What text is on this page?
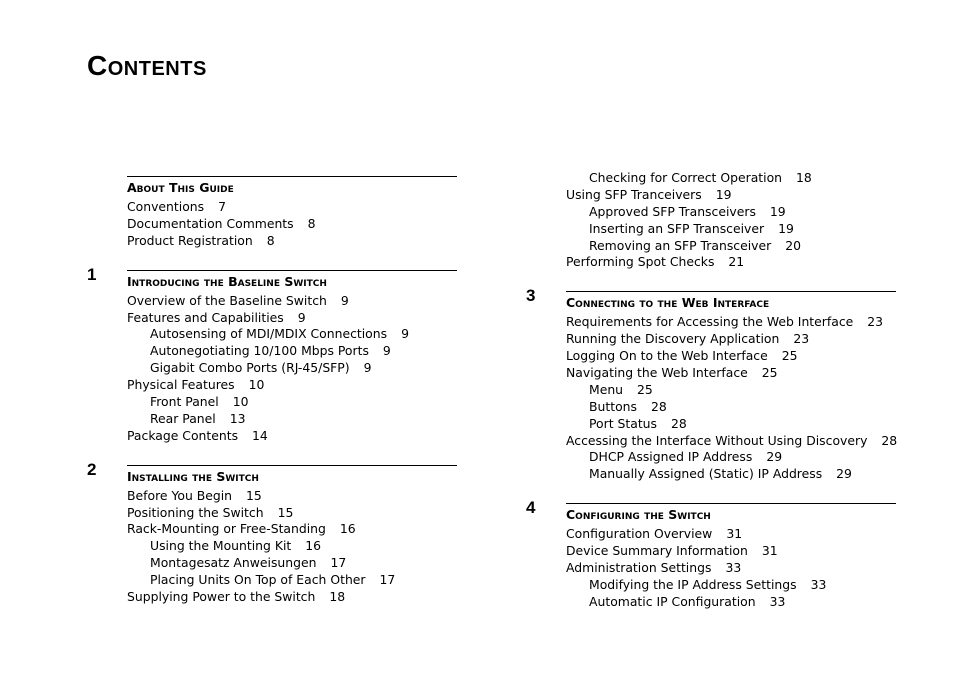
Contents
About This Guide
Conventions 7
Documentation Comments 8
Product Registration 8
1 Introducing the Baseline Switch
Overview of the Baseline Switch 9
Features and Capabilities 9
Autosensing of MDI/MDIX Connections 9
Autonegotiating 10/100 Mbps Ports 9
Gigabit Combo Ports (RJ-45/SFP) 9
Physical Features 10
Front Panel 10
Rear Panel 13
Package Contents 14
2 Installing the Switch
Before You Begin 15
Positioning the Switch 15
Rack-Mounting or Free-Standing 16
Using the Mounting Kit 16
Montagesatz Anweisungen 17
Placing Units On Top of Each Other 17
Supplying Power to the Switch 18
Checking for Correct Operation 18
Using SFP Tranceivers 19
Approved SFP Transceivers 19
Inserting an SFP Transceiver 19
Removing an SFP Transceiver 20
Performing Spot Checks 21
3 Connecting to the Web Interface
Requirements for Accessing the Web Interface 23
Running the Discovery Application 23
Logging On to the Web Interface 25
Navigating the Web Interface 25
Menu 25
Buttons 28
Port Status 28
Accessing the Interface Without Using Discovery 28
DHCP Assigned IP Address 29
Manually Assigned (Static) IP Address 29
4 Configuring the Switch
Configuration Overview 31
Device Summary Information 31
Administration Settings 33
Modifying the IP Address Settings 33
Automatic IP Configuration 33
